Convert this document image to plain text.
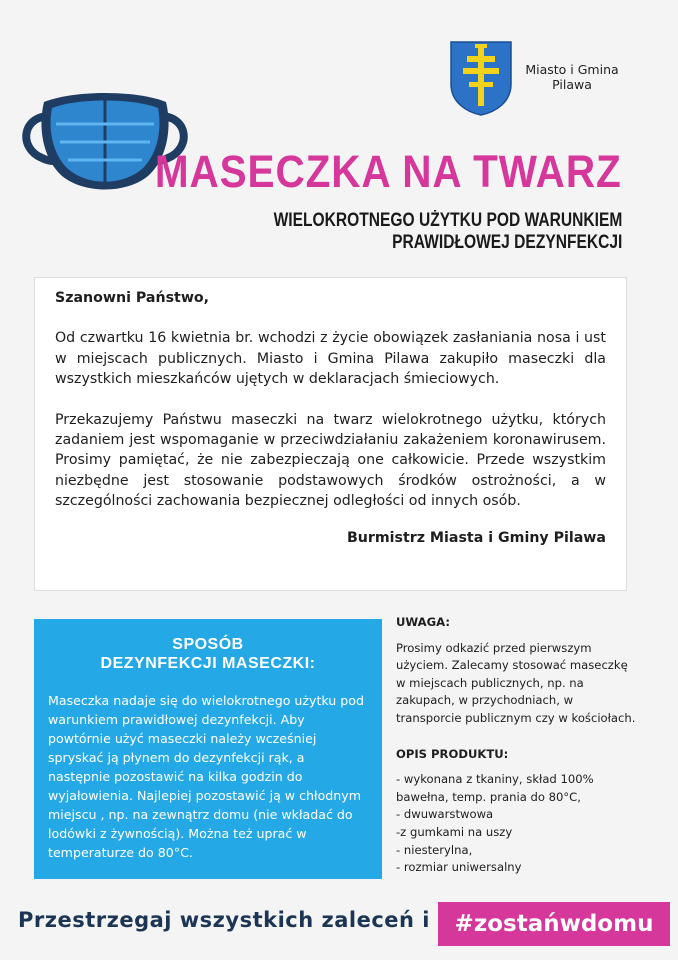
Miasto i Gmina
Pilawa
MASECZKA NA TWARZ
WIELOKROTNEGO UŻYTKU POD WARUNKIEM
PRAWIDŁOWEJ DEZYNFEKCJI
Szanowni Państwo,

Od czwartku 16 kwietnia br. wchodzi z życie obowiązek zasłaniania nosa i ust w miejscach publicznych. Miasto i Gmina Pilawa zakupiło maseczki dla wszystkich mieszkańców ujętych w deklaracjach śmieciowych.

Przekazujemy Państwu maseczki na twarz wielokrotnego użytku, których zadaniem jest wspomaganie w przeciwdziałaniu zakażeniem koronawirusem. Prosimy pamiętać, że nie zabezpieczają one całkowicie. Przede wszystkim niezbędne jest stosowanie podstawowych środków ostrożności, a w szczególności zachowania bezpiecznej odległości od innych osób.

Burmistrz Miasta i Gminy Pilawa
SPOSÓB
DEZYNFEKCJI MASECZKI:
Maseczka nadaje się do wielokrotnego użytku pod warunkiem prawidłowej dezynfekcji. Aby powtórnie użyć maseczki należy wcześniej spryskać ją płynem do dezynfekcji rąk, a następnie pozostawić na kilka godzin do wyjałowienia. Najlepiej pozostawić ją w chłodnym miejscu , np. na zewnątrz domu (nie wkładać do lodówki z żywnością). Można też uprać w temperaturze do 80°C.
UWAGA:
Prosimy odkazić przed pierwszym użyciem. Zalecamy stosować maseczkę w miejscach publicznych, np. na zakupach, w przychodniach, w transporcie publicznym czy w kościołach.
OPIS PRODUKTU:
- wykonana z tkaniny, skład 100% bawełna, temp. prania do 80°C,
- dwuwarstwowa
-z gumkami na uszy
- niesterylna,
- rozmiar uniwersalny
Przestrzegaj wszystkich zaleceń i	#zostańwdomu
